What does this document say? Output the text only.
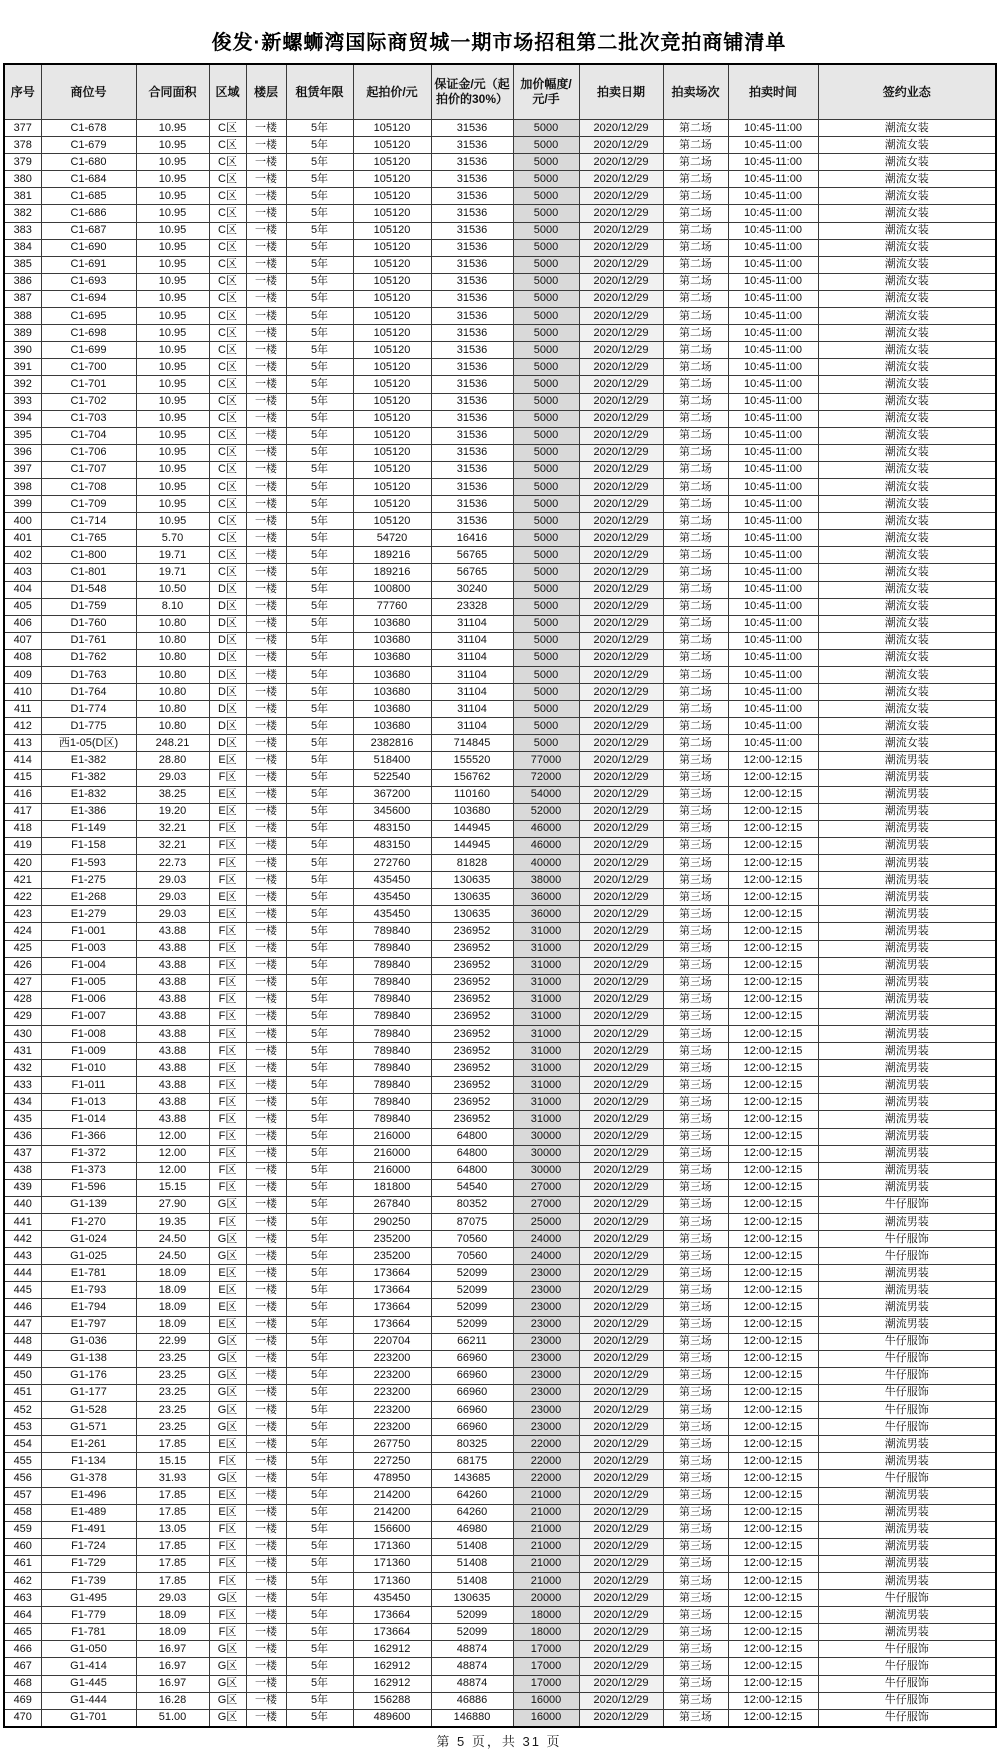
俊发·新螺蛳湾国际商贸城一期市场招租第二批次竞拍商铺清单
序号	商位号	合同面积	区域	楼层	租赁年限	起拍价/元	保证金/元（起拍价的30%）	加价幅度/元/手	拍卖日期	拍卖场次	拍卖时间	签约业态
377	C1-678	10.95	C区	一楼	5年	105120	31536	5000	2020/12/29	第二场	10:45-11:00	潮流女装
378	C1-679	10.95	C区	一楼	5年	105120	31536	5000	2020/12/29	第二场	10:45-11:00	潮流女装
379	C1-680	10.95	C区	一楼	5年	105120	31536	5000	2020/12/29	第二场	10:45-11:00	潮流女装
380	C1-684	10.95	C区	一楼	5年	105120	31536	5000	2020/12/29	第二场	10:45-11:00	潮流女装
381	C1-685	10.95	C区	一楼	5年	105120	31536	5000	2020/12/29	第二场	10:45-11:00	潮流女装
382	C1-686	10.95	C区	一楼	5年	105120	31536	5000	2020/12/29	第二场	10:45-11:00	潮流女装
383	C1-687	10.95	C区	一楼	5年	105120	31536	5000	2020/12/29	第二场	10:45-11:00	潮流女装
384	C1-690	10.95	C区	一楼	5年	105120	31536	5000	2020/12/29	第二场	10:45-11:00	潮流女装
385	C1-691	10.95	C区	一楼	5年	105120	31536	5000	2020/12/29	第二场	10:45-11:00	潮流女装
386	C1-693	10.95	C区	一楼	5年	105120	31536	5000	2020/12/29	第二场	10:45-11:00	潮流女装
387	C1-694	10.95	C区	一楼	5年	105120	31536	5000	2020/12/29	第二场	10:45-11:00	潮流女装
388	C1-695	10.95	C区	一楼	5年	105120	31536	5000	2020/12/29	第二场	10:45-11:00	潮流女装
389	C1-698	10.95	C区	一楼	5年	105120	31536	5000	2020/12/29	第二场	10:45-11:00	潮流女装
390	C1-699	10.95	C区	一楼	5年	105120	31536	5000	2020/12/29	第二场	10:45-11:00	潮流女装
391	C1-700	10.95	C区	一楼	5年	105120	31536	5000	2020/12/29	第二场	10:45-11:00	潮流女装
392	C1-701	10.95	C区	一楼	5年	105120	31536	5000	2020/12/29	第二场	10:45-11:00	潮流女装
393	C1-702	10.95	C区	一楼	5年	105120	31536	5000	2020/12/29	第二场	10:45-11:00	潮流女装
394	C1-703	10.95	C区	一楼	5年	105120	31536	5000	2020/12/29	第二场	10:45-11:00	潮流女装
395	C1-704	10.95	C区	一楼	5年	105120	31536	5000	2020/12/29	第二场	10:45-11:00	潮流女装
396	C1-706	10.95	C区	一楼	5年	105120	31536	5000	2020/12/29	第二场	10:45-11:00	潮流女装
397	C1-707	10.95	C区	一楼	5年	105120	31536	5000	2020/12/29	第二场	10:45-11:00	潮流女装
398	C1-708	10.95	C区	一楼	5年	105120	31536	5000	2020/12/29	第二场	10:45-11:00	潮流女装
399	C1-709	10.95	C区	一楼	5年	105120	31536	5000	2020/12/29	第二场	10:45-11:00	潮流女装
400	C1-714	10.95	C区	一楼	5年	105120	31536	5000	2020/12/29	第二场	10:45-11:00	潮流女装
401	C1-765	5.70	C区	一楼	5年	54720	16416	5000	2020/12/29	第二场	10:45-11:00	潮流女装
402	C1-800	19.71	C区	一楼	5年	189216	56765	5000	2020/12/29	第二场	10:45-11:00	潮流女装
403	C1-801	19.71	C区	一楼	5年	189216	56765	5000	2020/12/29	第二场	10:45-11:00	潮流女装
404	D1-548	10.50	D区	一楼	5年	100800	30240	5000	2020/12/29	第二场	10:45-11:00	潮流女装
405	D1-759	8.10	D区	一楼	5年	77760	23328	5000	2020/12/29	第二场	10:45-11:00	潮流女装
406	D1-760	10.80	D区	一楼	5年	103680	31104	5000	2020/12/29	第二场	10:45-11:00	潮流女装
407	D1-761	10.80	D区	一楼	5年	103680	31104	5000	2020/12/29	第二场	10:45-11:00	潮流女装
408	D1-762	10.80	D区	一楼	5年	103680	31104	5000	2020/12/29	第二场	10:45-11:00	潮流女装
409	D1-763	10.80	D区	一楼	5年	103680	31104	5000	2020/12/29	第二场	10:45-11:00	潮流女装
410	D1-764	10.80	D区	一楼	5年	103680	31104	5000	2020/12/29	第二场	10:45-11:00	潮流女装
411	D1-774	10.80	D区	一楼	5年	103680	31104	5000	2020/12/29	第二场	10:45-11:00	潮流女装
412	D1-775	10.80	D区	一楼	5年	103680	31104	5000	2020/12/29	第二场	10:45-11:00	潮流女装
413	西1-05(D区)	248.21	D区	一楼	5年	2382816	714845	5000	2020/12/29	第二场	10:45-11:00	潮流女装
414	E1-382	28.80	E区	一楼	5年	518400	155520	77000	2020/12/29	第三场	12:00-12:15	潮流男装
415	F1-382	29.03	F区	一楼	5年	522540	156762	72000	2020/12/29	第三场	12:00-12:15	潮流男装
416	E1-832	38.25	E区	一楼	5年	367200	110160	54000	2020/12/29	第三场	12:00-12:15	潮流男装
417	E1-386	19.20	E区	一楼	5年	345600	103680	52000	2020/12/29	第三场	12:00-12:15	潮流男装
418	F1-149	32.21	F区	一楼	5年	483150	144945	46000	2020/12/29	第三场	12:00-12:15	潮流男装
419	F1-158	32.21	F区	一楼	5年	483150	144945	46000	2020/12/29	第三场	12:00-12:15	潮流男装
420	F1-593	22.73	F区	一楼	5年	272760	81828	40000	2020/12/29	第三场	12:00-12:15	潮流男装
421	F1-275	29.03	F区	一楼	5年	435450	130635	38000	2020/12/29	第三场	12:00-12:15	潮流男装
422	E1-268	29.03	E区	一楼	5年	435450	130635	36000	2020/12/29	第三场	12:00-12:15	潮流男装
423	E1-279	29.03	E区	一楼	5年	435450	130635	36000	2020/12/29	第三场	12:00-12:15	潮流男装
424	F1-001	43.88	F区	一楼	5年	789840	236952	31000	2020/12/29	第三场	12:00-12:15	潮流男装
425	F1-003	43.88	F区	一楼	5年	789840	236952	31000	2020/12/29	第三场	12:00-12:15	潮流男装
426	F1-004	43.88	F区	一楼	5年	789840	236952	31000	2020/12/29	第三场	12:00-12:15	潮流男装
427	F1-005	43.88	F区	一楼	5年	789840	236952	31000	2020/12/29	第三场	12:00-12:15	潮流男装
428	F1-006	43.88	F区	一楼	5年	789840	236952	31000	2020/12/29	第三场	12:00-12:15	潮流男装
429	F1-007	43.88	F区	一楼	5年	789840	236952	31000	2020/12/29	第三场	12:00-12:15	潮流男装
430	F1-008	43.88	F区	一楼	5年	789840	236952	31000	2020/12/29	第三场	12:00-12:15	潮流男装
431	F1-009	43.88	F区	一楼	5年	789840	236952	31000	2020/12/29	第三场	12:00-12:15	潮流男装
432	F1-010	43.88	F区	一楼	5年	789840	236952	31000	2020/12/29	第三场	12:00-12:15	潮流男装
433	F1-011	43.88	F区	一楼	5年	789840	236952	31000	2020/12/29	第三场	12:00-12:15	潮流男装
434	F1-013	43.88	F区	一楼	5年	789840	236952	31000	2020/12/29	第三场	12:00-12:15	潮流男装
435	F1-014	43.88	F区	一楼	5年	789840	236952	31000	2020/12/29	第三场	12:00-12:15	潮流男装
436	F1-366	12.00	F区	一楼	5年	216000	64800	30000	2020/12/29	第三场	12:00-12:15	潮流男装
437	F1-372	12.00	F区	一楼	5年	216000	64800	30000	2020/12/29	第三场	12:00-12:15	潮流男装
438	F1-373	12.00	F区	一楼	5年	216000	64800	30000	2020/12/29	第三场	12:00-12:15	潮流男装
439	F1-596	15.15	F区	一楼	5年	181800	54540	27000	2020/12/29	第三场	12:00-12:15	潮流男装
440	G1-139	27.90	G区	一楼	5年	267840	80352	27000	2020/12/29	第三场	12:00-12:15	牛仔服饰
441	F1-270	19.35	F区	一楼	5年	290250	87075	25000	2020/12/29	第三场	12:00-12:15	潮流男装
442	G1-024	24.50	G区	一楼	5年	235200	70560	24000	2020/12/29	第三场	12:00-12:15	牛仔服饰
443	G1-025	24.50	G区	一楼	5年	235200	70560	24000	2020/12/29	第三场	12:00-12:15	牛仔服饰
444	E1-781	18.09	E区	一楼	5年	173664	52099	23000	2020/12/29	第三场	12:00-12:15	潮流男装
445	E1-793	18.09	E区	一楼	5年	173664	52099	23000	2020/12/29	第三场	12:00-12:15	潮流男装
446	E1-794	18.09	E区	一楼	5年	173664	52099	23000	2020/12/29	第三场	12:00-12:15	潮流男装
447	E1-797	18.09	E区	一楼	5年	173664	52099	23000	2020/12/29	第三场	12:00-12:15	潮流男装
448	G1-036	22.99	G区	一楼	5年	220704	66211	23000	2020/12/29	第三场	12:00-12:15	牛仔服饰
449	G1-138	23.25	G区	一楼	5年	223200	66960	23000	2020/12/29	第三场	12:00-12:15	牛仔服饰
450	G1-176	23.25	G区	一楼	5年	223200	66960	23000	2020/12/29	第三场	12:00-12:15	牛仔服饰
451	G1-177	23.25	G区	一楼	5年	223200	66960	23000	2020/12/29	第三场	12:00-12:15	牛仔服饰
452	G1-528	23.25	G区	一楼	5年	223200	66960	23000	2020/12/29	第三场	12:00-12:15	牛仔服饰
453	G1-571	23.25	G区	一楼	5年	223200	66960	23000	2020/12/29	第三场	12:00-12:15	牛仔服饰
454	E1-261	17.85	E区	一楼	5年	267750	80325	22000	2020/12/29	第三场	12:00-12:15	潮流男装
455	F1-134	15.15	F区	一楼	5年	227250	68175	22000	2020/12/29	第三场	12:00-12:15	潮流男装
456	G1-378	31.93	G区	一楼	5年	478950	143685	22000	2020/12/29	第三场	12:00-12:15	牛仔服饰
457	E1-496	17.85	E区	一楼	5年	214200	64260	21000	2020/12/29	第三场	12:00-12:15	潮流男装
458	E1-489	17.85	E区	一楼	5年	214200	64260	21000	2020/12/29	第三场	12:00-12:15	潮流男装
459	F1-491	13.05	F区	一楼	5年	156600	46980	21000	2020/12/29	第三场	12:00-12:15	潮流男装
460	F1-724	17.85	F区	一楼	5年	171360	51408	21000	2020/12/29	第三场	12:00-12:15	潮流男装
461	F1-729	17.85	F区	一楼	5年	171360	51408	21000	2020/12/29	第三场	12:00-12:15	潮流男装
462	F1-739	17.85	F区	一楼	5年	171360	51408	21000	2020/12/29	第三场	12:00-12:15	潮流男装
463	G1-495	29.03	G区	一楼	5年	435450	130635	20000	2020/12/29	第三场	12:00-12:15	牛仔服饰
464	F1-779	18.09	F区	一楼	5年	173664	52099	18000	2020/12/29	第三场	12:00-12:15	潮流男装
465	F1-781	18.09	F区	一楼	5年	173664	52099	18000	2020/12/29	第三场	12:00-12:15	潮流男装
466	G1-050	16.97	G区	一楼	5年	162912	48874	17000	2020/12/29	第三场	12:00-12:15	牛仔服饰
467	G1-414	16.97	G区	一楼	5年	162912	48874	17000	2020/12/29	第三场	12:00-12:15	牛仔服饰
468	G1-445	16.97	G区	一楼	5年	162912	48874	17000	2020/12/29	第三场	12:00-12:15	牛仔服饰
469	G1-444	16.28	G区	一楼	5年	156288	46886	16000	2020/12/29	第三场	12:00-12:15	牛仔服饰
470	G1-701	51.00	G区	一楼	5年	489600	146880	16000	2020/12/29	第三场	12:00-12:15	牛仔服饰
第 5 页，共 31 页
